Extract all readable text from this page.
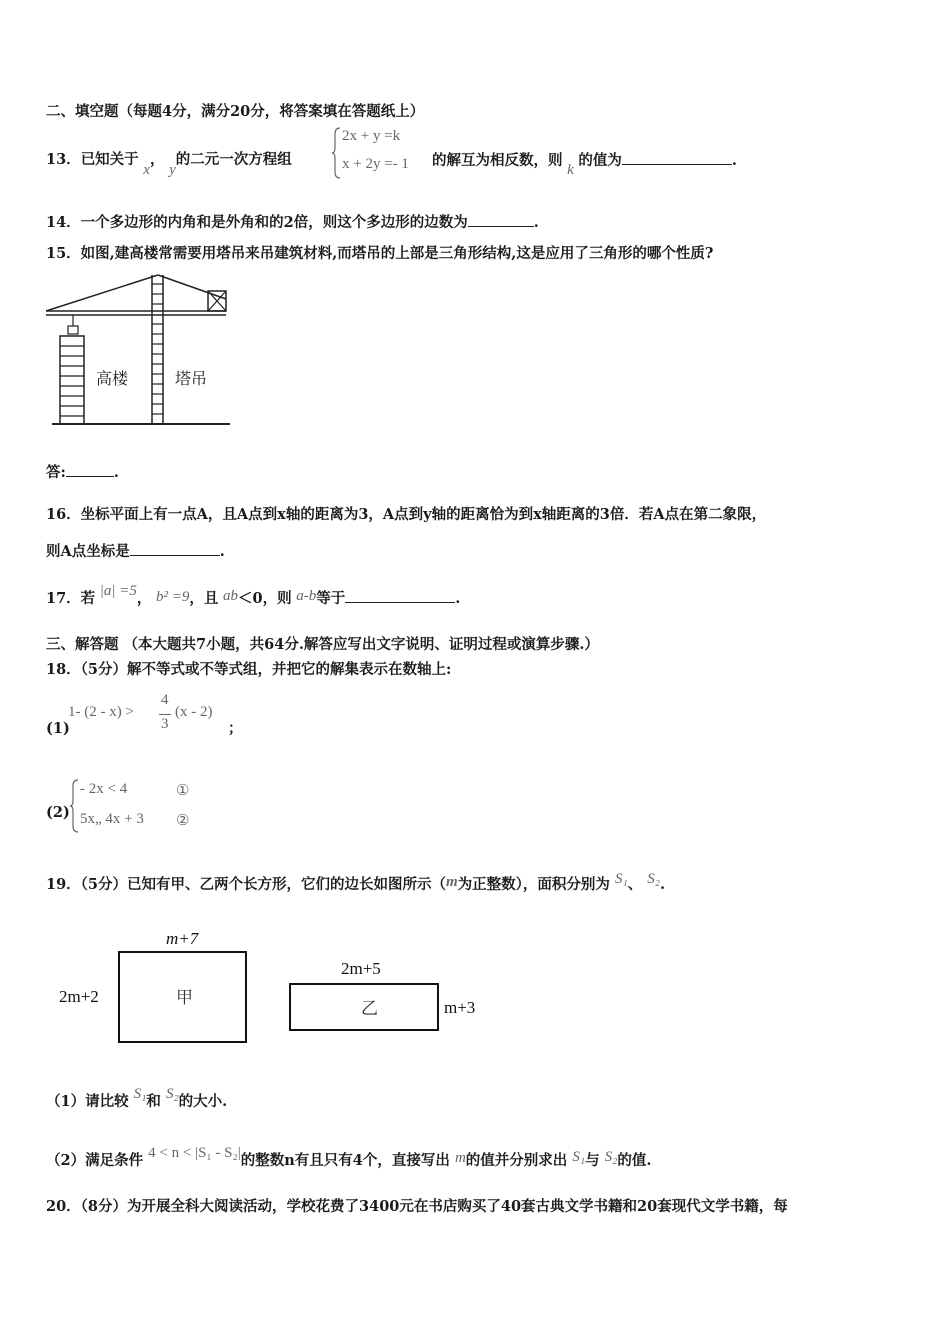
二、填空题（每题4分，满分20分，将答案填在答题纸上）
13．已知关于 x， y的二元一次方程组
2x + y =k
x + 2y =- 1 的解互为相反数，则 k 的值为	.
14．一个多边形的内角和是外角和的2倍，则这个多边形的边数为	.
15．如图,建高楼常需要用塔吊来吊建筑材料,而塔吊的上部是三角形结构,这是应用了三角形的哪个性质?
高楼	塔吊
答:	.
16．坐标平面上有一点A，且A点到x轴的距离为3，A点到y轴的距离恰为到x轴距离的3倍．若A点在第二象限，
则A点坐标是	.
17．若 |a| =5， b² =9，且 ab＜0，则 a-b等于	.
三、解答题 （本大题共7小题，共64分.解答应写出文字说明、证明过程或演算步骤.）
18．（5分）解不等式或不等式组，并把它的解集表示在数轴上:
(1)
1- (2 - x) >
4
3
(x - 2)
；
(2)
- 2x < 4
5x„ 4x + 3
①
②
19．（5分）已知有甲、乙两个长方形，它们的边长如图所示（m为正整数），面积分别为 S₁、 S₂.
m+7
2m+2	甲
2m+5
m+3
乙
（1）请比较 S₁和 S₂的大小.
（2）满足条件 4 < n < |S₁ - S₂|的整数n有且只有4个，直接写出 m的值并分别求出 S₁与 S₂的值.
20．（8分）为开展全科大阅读活动，学校花费了3400元在书店购买了40套古典文学书籍和20套现代文学书籍，每
